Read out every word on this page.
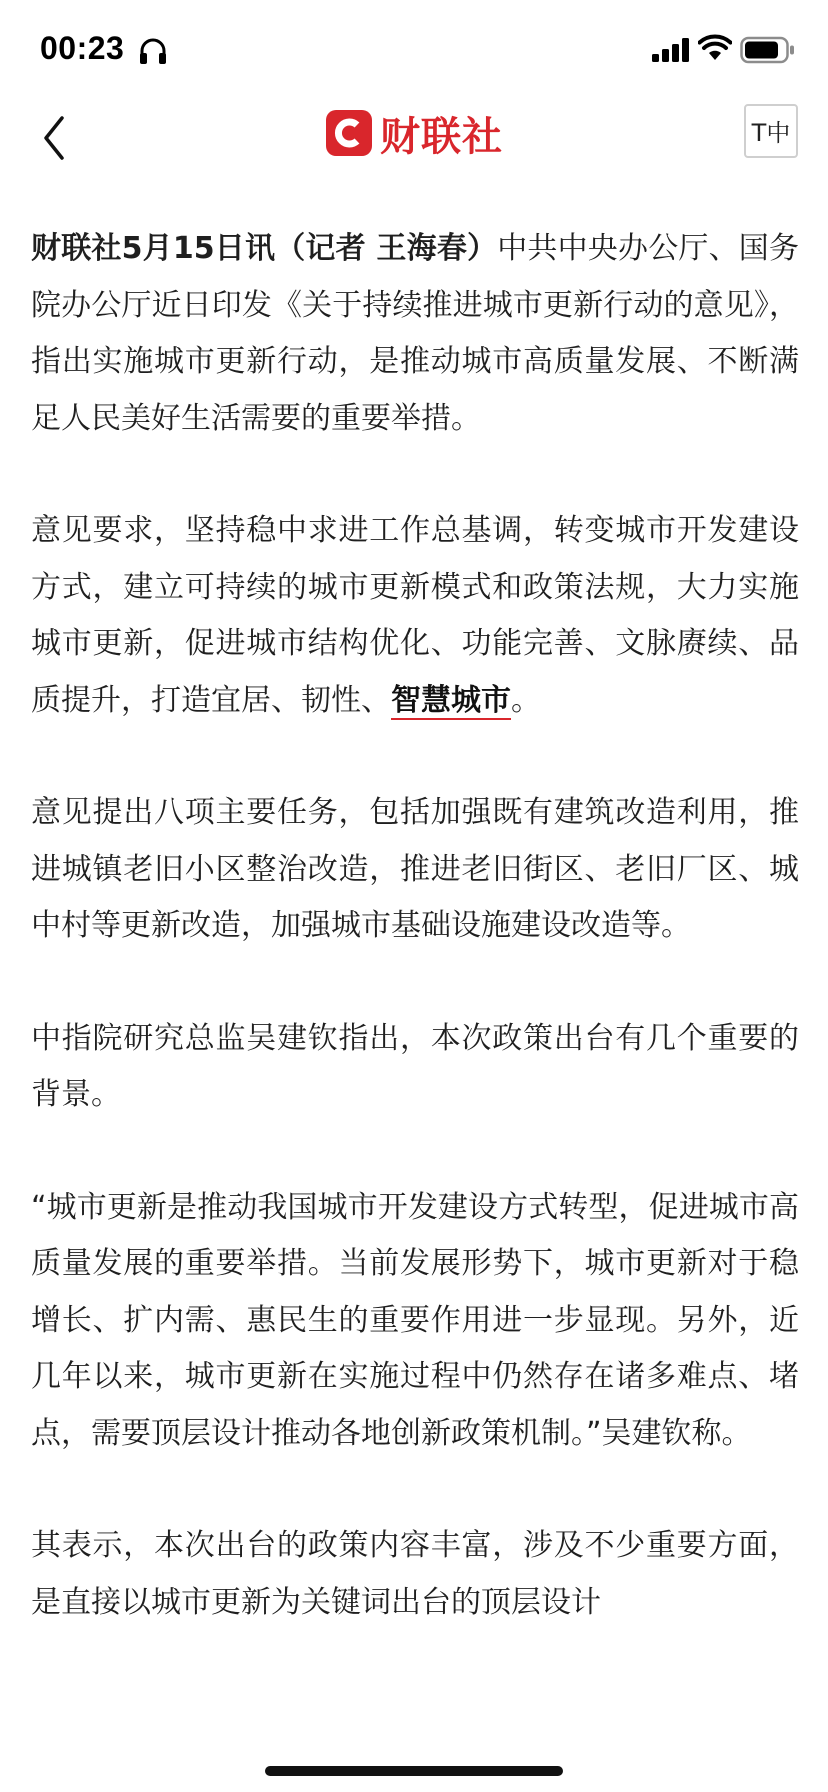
00:23
财联社	T中

财联社5月15日讯（记者 王海春）中共中央办公厅、国务院办公厅近日印发《关于持续推进城市更新行动的意见》，指出实施城市更新行动，是推动城市高质量发展、不断满足人民美好生活需要的重要举措。

意见要求，坚持稳中求进工作总基调，转变城市开发建设方式，建立可持续的城市更新模式和政策法规，大力实施城市更新，促进城市结构优化、功能完善、文脉赓续、品质提升，打造宜居、韧性、智慧城市。

意见提出八项主要任务，包括加强既有建筑改造利用，推进城镇老旧小区整治改造，推进老旧街区、老旧厂区、城中村等更新改造，加强城市基础设施建设改造等。

中指院研究总监吴建钦指出，本次政策出台有几个重要的背景。

“城市更新是推动我国城市开发建设方式转型，促进城市高质量发展的重要举措。当前发展形势下，城市更新对于稳增长、扩内需、惠民生的重要作用进一步显现。另外，近几年以来，城市更新在实施过程中仍然存在诸多难点、堵点，需要顶层设计推动各地创新政策机制。”吴建钦称。

其表示，本次出台的政策内容丰富，涉及不少重要方面，是直接以城市更新为关键词出台的顶层设计
